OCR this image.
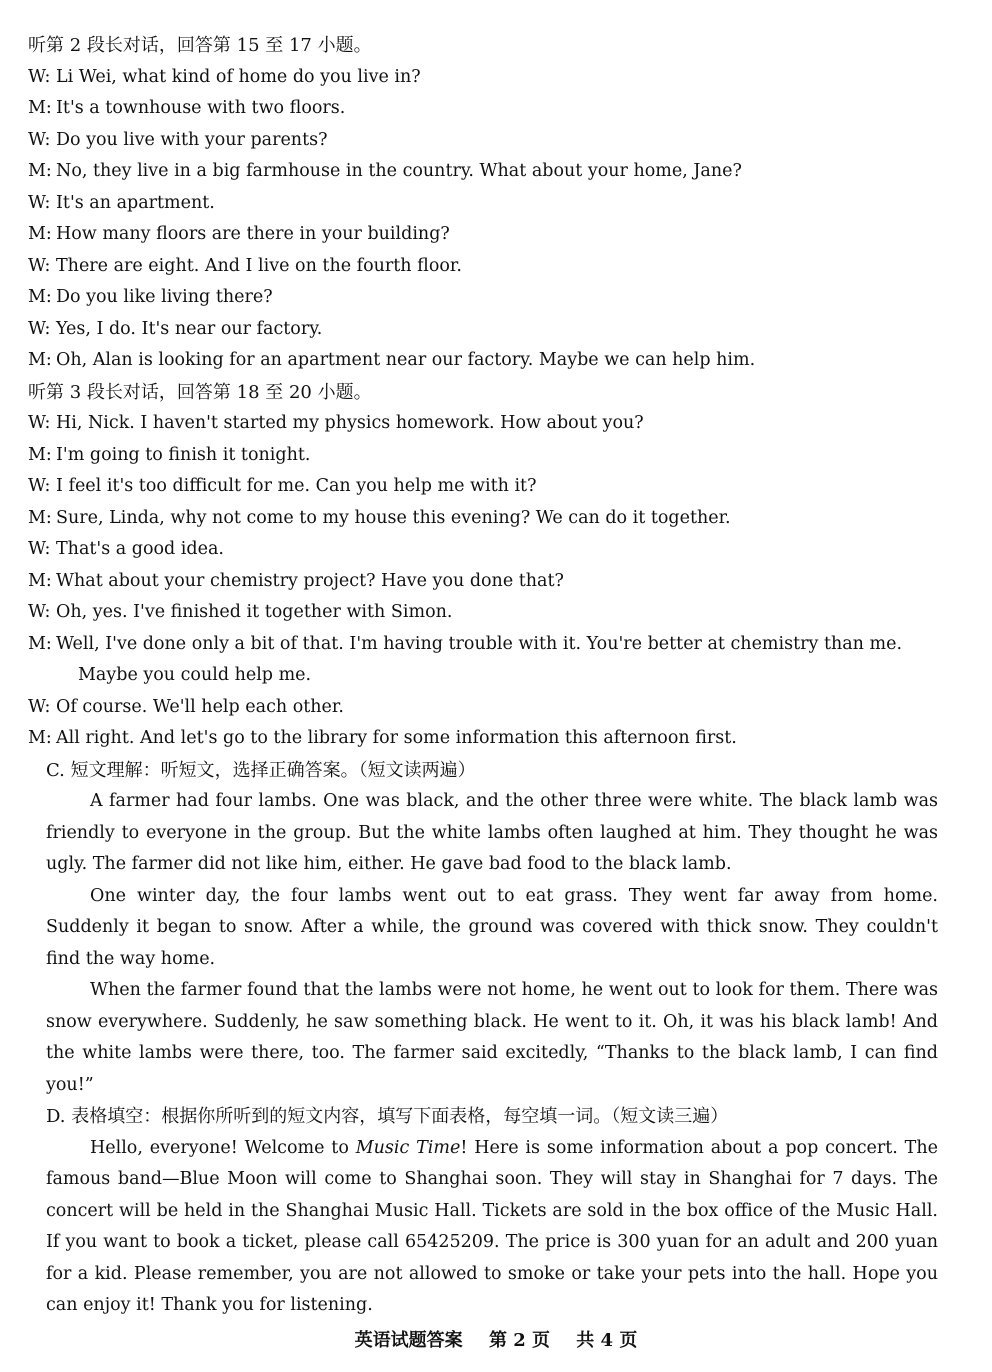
听第 2 段长对话，回答第 15 至 17 小题。
W: Li Wei, what kind of home do you live in?
M: It's a townhouse with two floors.
W: Do you live with your parents?
M: No, they live in a big farmhouse in the country. What about your home, Jane?
W: It's an apartment.
M: How many floors are there in your building?
W: There are eight. And I live on the fourth floor.
M: Do you like living there?
W: Yes, I do. It's near our factory.
M: Oh, Alan is looking for an apartment near our factory. Maybe we can help him.
听第 3 段长对话，回答第 18 至 20 小题。
W: Hi, Nick. I haven't started my physics homework. How about you?
M: I'm going to finish it tonight.
W: I feel it's too difficult for me. Can you help me with it?
M: Sure, Linda, why not come to my house this evening? We can do it together.
W: That's a good idea.
M: What about your chemistry project? Have you done that?
W: Oh, yes. I've finished it together with Simon.
M: Well, I've done only a bit of that. I'm having trouble with it. You're better at chemistry than me.
Maybe you could help me.
W: Of course. We'll help each other.
M: All right. And let's go to the library for some information this afternoon first.
C. 短文理解：听短文，选择正确答案。（短文读两遍）

A farmer had four lambs. One was black, and the other three were white. The black lamb was friendly to everyone in the group. But the white lambs often laughed at him. They thought he was ugly. The farmer did not like him, either. He gave bad food to the black lamb.

One winter day, the four lambs went out to eat grass. They went far away from home. Suddenly it began to snow. After a while, the ground was covered with thick snow. They couldn't find the way home.

When the farmer found that the lambs were not home, he went out to look for them. There was snow everywhere. Suddenly, he saw something black. He went to it. Oh, it was his black lamb! And the white lambs were there, too. The farmer said excitedly, “Thanks to the black lamb, I can find you!”

D. 表格填空：根据你所听到的短文内容，填写下面表格，每空填一词。（短文读三遍）

Hello, everyone! Welcome to Music Time! Here is some information about a pop concert. The famous band—Blue Moon will come to Shanghai soon. They will stay in Shanghai for 7 days. The concert will be held in the Shanghai Music Hall. Tickets are sold in the box office of the Music Hall. If you want to book a ticket, please call 65425209. The price is 300 yuan for an adult and 200 yuan for a kid. Please remember, you are not allowed to smoke or take your pets into the hall. Hope you can enjoy it! Thank you for listening.

英语试题答案 第 2 页 共 4 页
